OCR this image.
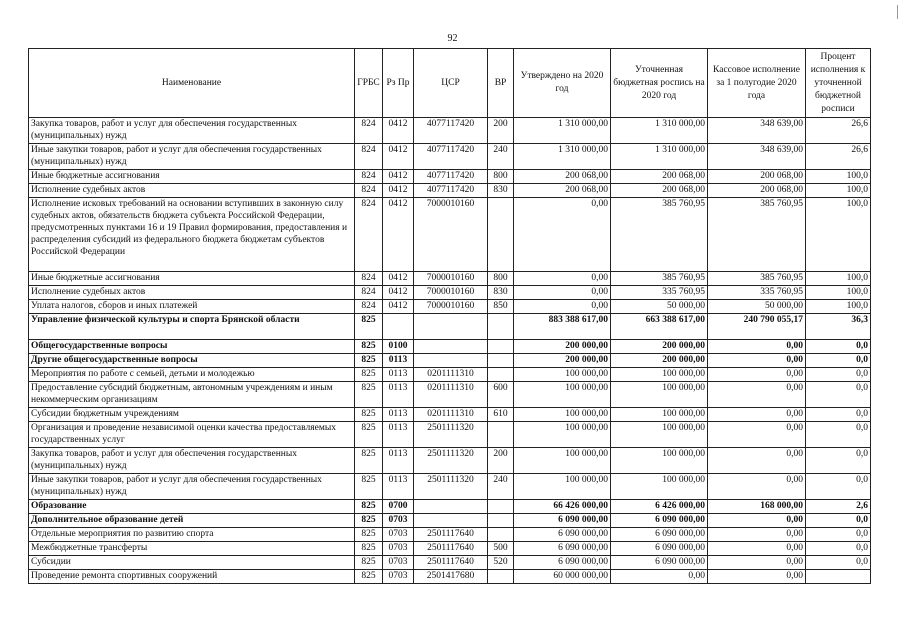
92
Наименование	ГРБС	Рз Пр	ЦСР	ВР	Утверждено на 2020 год	Уточненная бюджетная роспись на 2020 год	Кассовое исполнение за 1 полугодие 2020 года	Процент исполнения к уточненной бюджетной росписи
Закупка товаров, работ и услуг для обеспечения государственных (муниципальных) нужд	824	0412	4077117420	200	1 310 000,00	1 310 000,00	348 639,00	26,6
Иные закупки товаров, работ и услуг для обеспечения государственных (муниципальных) нужд	824	0412	4077117420	240	1 310 000,00	1 310 000,00	348 639,00	26,6
Иные бюджетные ассигнования	824	0412	4077117420	800	200 068,00	200 068,00	200 068,00	100,0
Исполнение судебных актов	824	0412	4077117420	830	200 068,00	200 068,00	200 068,00	100,0
Исполнение исковых требований на основании вступивших в законную силу судебных актов, обязательств бюджета субъекта Российской Федерации, предусмотренных пунктами 16 и 19 Правил формирования, предоставления и распределения субсидий из федерального бюджета бюджетам субъектов Российской Федерации	824	0412	7000010160		0,00	385 760,95	385 760,95	100,0
Иные бюджетные ассигнования	824	0412	7000010160	800	0,00	385 760,95	385 760,95	100,0
Исполнение судебных актов	824	0412	7000010160	830	0,00	335 760,95	335 760,95	100,0
Уплата налогов, сборов и иных платежей	824	0412	7000010160	850	0,00	50 000,00	50 000,00	100,0
Управление физической культуры и спорта Брянской области	825				883 388 617,00	663 388 617,00	240 790 055,17	36,3
Общегосударственные вопросы	825	0100			200 000,00	200 000,00	0,00	0,0
Другие общегосударственные вопросы	825	0113			200 000,00	200 000,00	0,00	0,0
Мероприятия по работе с семьей, детьми и молодежью	825	0113	0201111310		100 000,00	100 000,00	0,00	0,0
Предоставление субсидий бюджетным, автономным учреждениям и иным некоммерческим организациям	825	0113	0201111310	600	100 000,00	100 000,00	0,00	0,0
Субсидии бюджетным учреждениям	825	0113	0201111310	610	100 000,00	100 000,00	0,00	0,0
Организация и проведение независимой оценки качества предоставляемых государственных услуг	825	0113	2501111320		100 000,00	100 000,00	0,00	0,0
Закупка товаров, работ и услуг для обеспечения государственных (муниципальных) нужд	825	0113	2501111320	200	100 000,00	100 000,00	0,00	0,0
Иные закупки товаров, работ и услуг для обеспечения государственных (муниципальных) нужд	825	0113	2501111320	240	100 000,00	100 000,00	0,00	0,0
Образование	825	0700			66 426 000,00	6 426 000,00	168 000,00	2,6
Дополнительное образование детей	825	0703			6 090 000,00	6 090 000,00	0,00	0,0
Отдельные мероприятия по развитию спорта	825	0703	2501117640		6 090 000,00	6 090 000,00	0,00	0,0
Межбюджетные трансферты	825	0703	2501117640	500	6 090 000,00	6 090 000,00	0,00	0,0
Субсидии	825	0703	2501117640	520	6 090 000,00	6 090 000,00	0,00	0,0
Проведение ремонта спортивных сооружений	825	0703	2501417680		60 000 000,00	0,00	0,00	
